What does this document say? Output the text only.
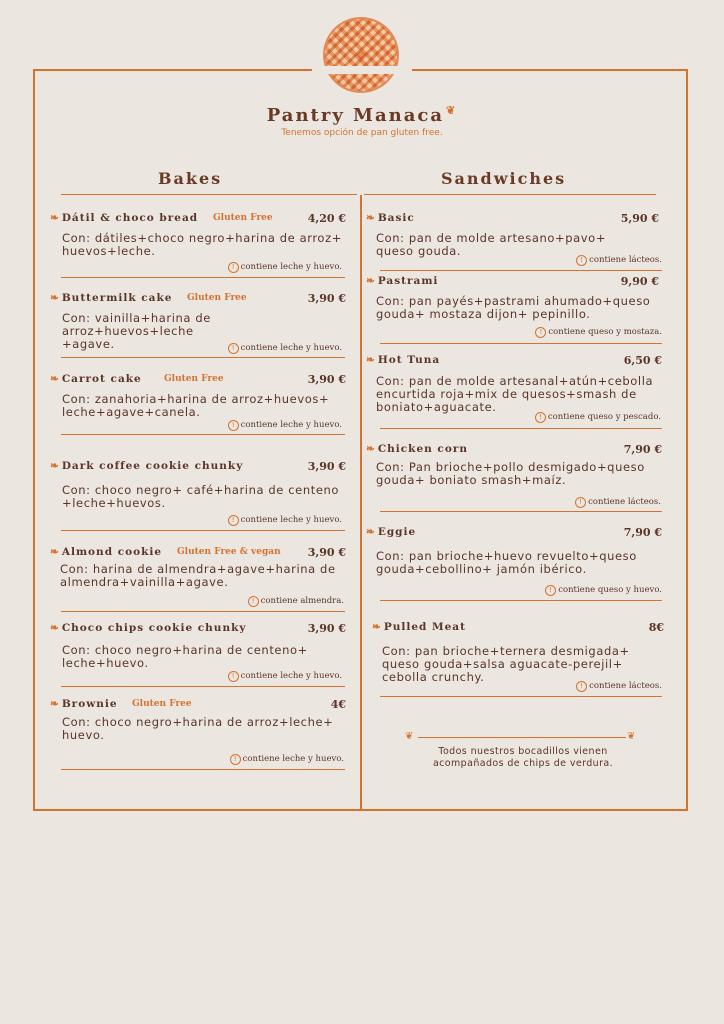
Pantry Manaca ❦
Tenemos opción de pan gluten free.
Bakes
❧ Dátil & choco bread Gluten Free	4,20 €
Con: dátiles+choco negro+harina de arroz+
huevos+leche.
! contiene leche y huevo.
❧ Buttermilk cake Gluten Free	3,90 €
Con: vainilla+harina de arroz+huevos+leche
+agave.	! contiene leche y huevo.
❧ Carrot cake Gluten Free	3,90 €
Con: zanahoria+harina de arroz+huevos+
leche+agave+canela.
! contiene leche y huevo.
❧ Dark coffee cookie chunky	3,90 €
Con: choco negro+ café+harina de centeno
+leche+huevos.
! contiene leche y huevo.
❧ Almond cookie Gluten Free & vegan 3,90 €
Con: harina de almendra+agave+harina de
almendra+vainilla+agave.
! contiene almendra.
❧ Choco chips cookie chunky	3,90 €
Con: choco negro+harina de centeno+
leche+huevo.
! contiene leche y huevo.
❧ Brownie Gluten Free	4€
Con: choco negro+harina de arroz+leche+
huevo.
! contiene leche y huevo.
Sandwiches
❧ Basic	5,90 €
Con: pan de molde artesano+pavo+
queso gouda.
! contiene lácteos.
❧ Pastrami	9,90 €
Con: pan payés+pastrami ahumado+queso
gouda+ mostaza dijon+ pepinillo.
! contiene queso y mostaza.
❧ Hot Tuna	6,50 €
Con: pan de molde artesanal+atún+cebolla
encurtida roja+mix de quesos+smash de
boniato+aguacate.
! contiene queso y pescado.
❧ Chicken corn	7,90 €
Con: Pan brioche+pollo desmigado+queso
gouda+ boniato smash+maíz.
! contiene lácteos.
❧ Eggie	7,90 €
Con: pan brioche+huevo revuelto+queso
gouda+cebollino+ jamón ibérico.
! contiene queso y huevo.
❧ Pulled Meat	8€
Con: pan brioche+ternera desmigada+
queso gouda+salsa aguacate-perejil+
cebolla crunchy.
! contiene lácteos.
❦	❦
Todos nuestros bocadillos vienen
acompañados de chips de verdura.
